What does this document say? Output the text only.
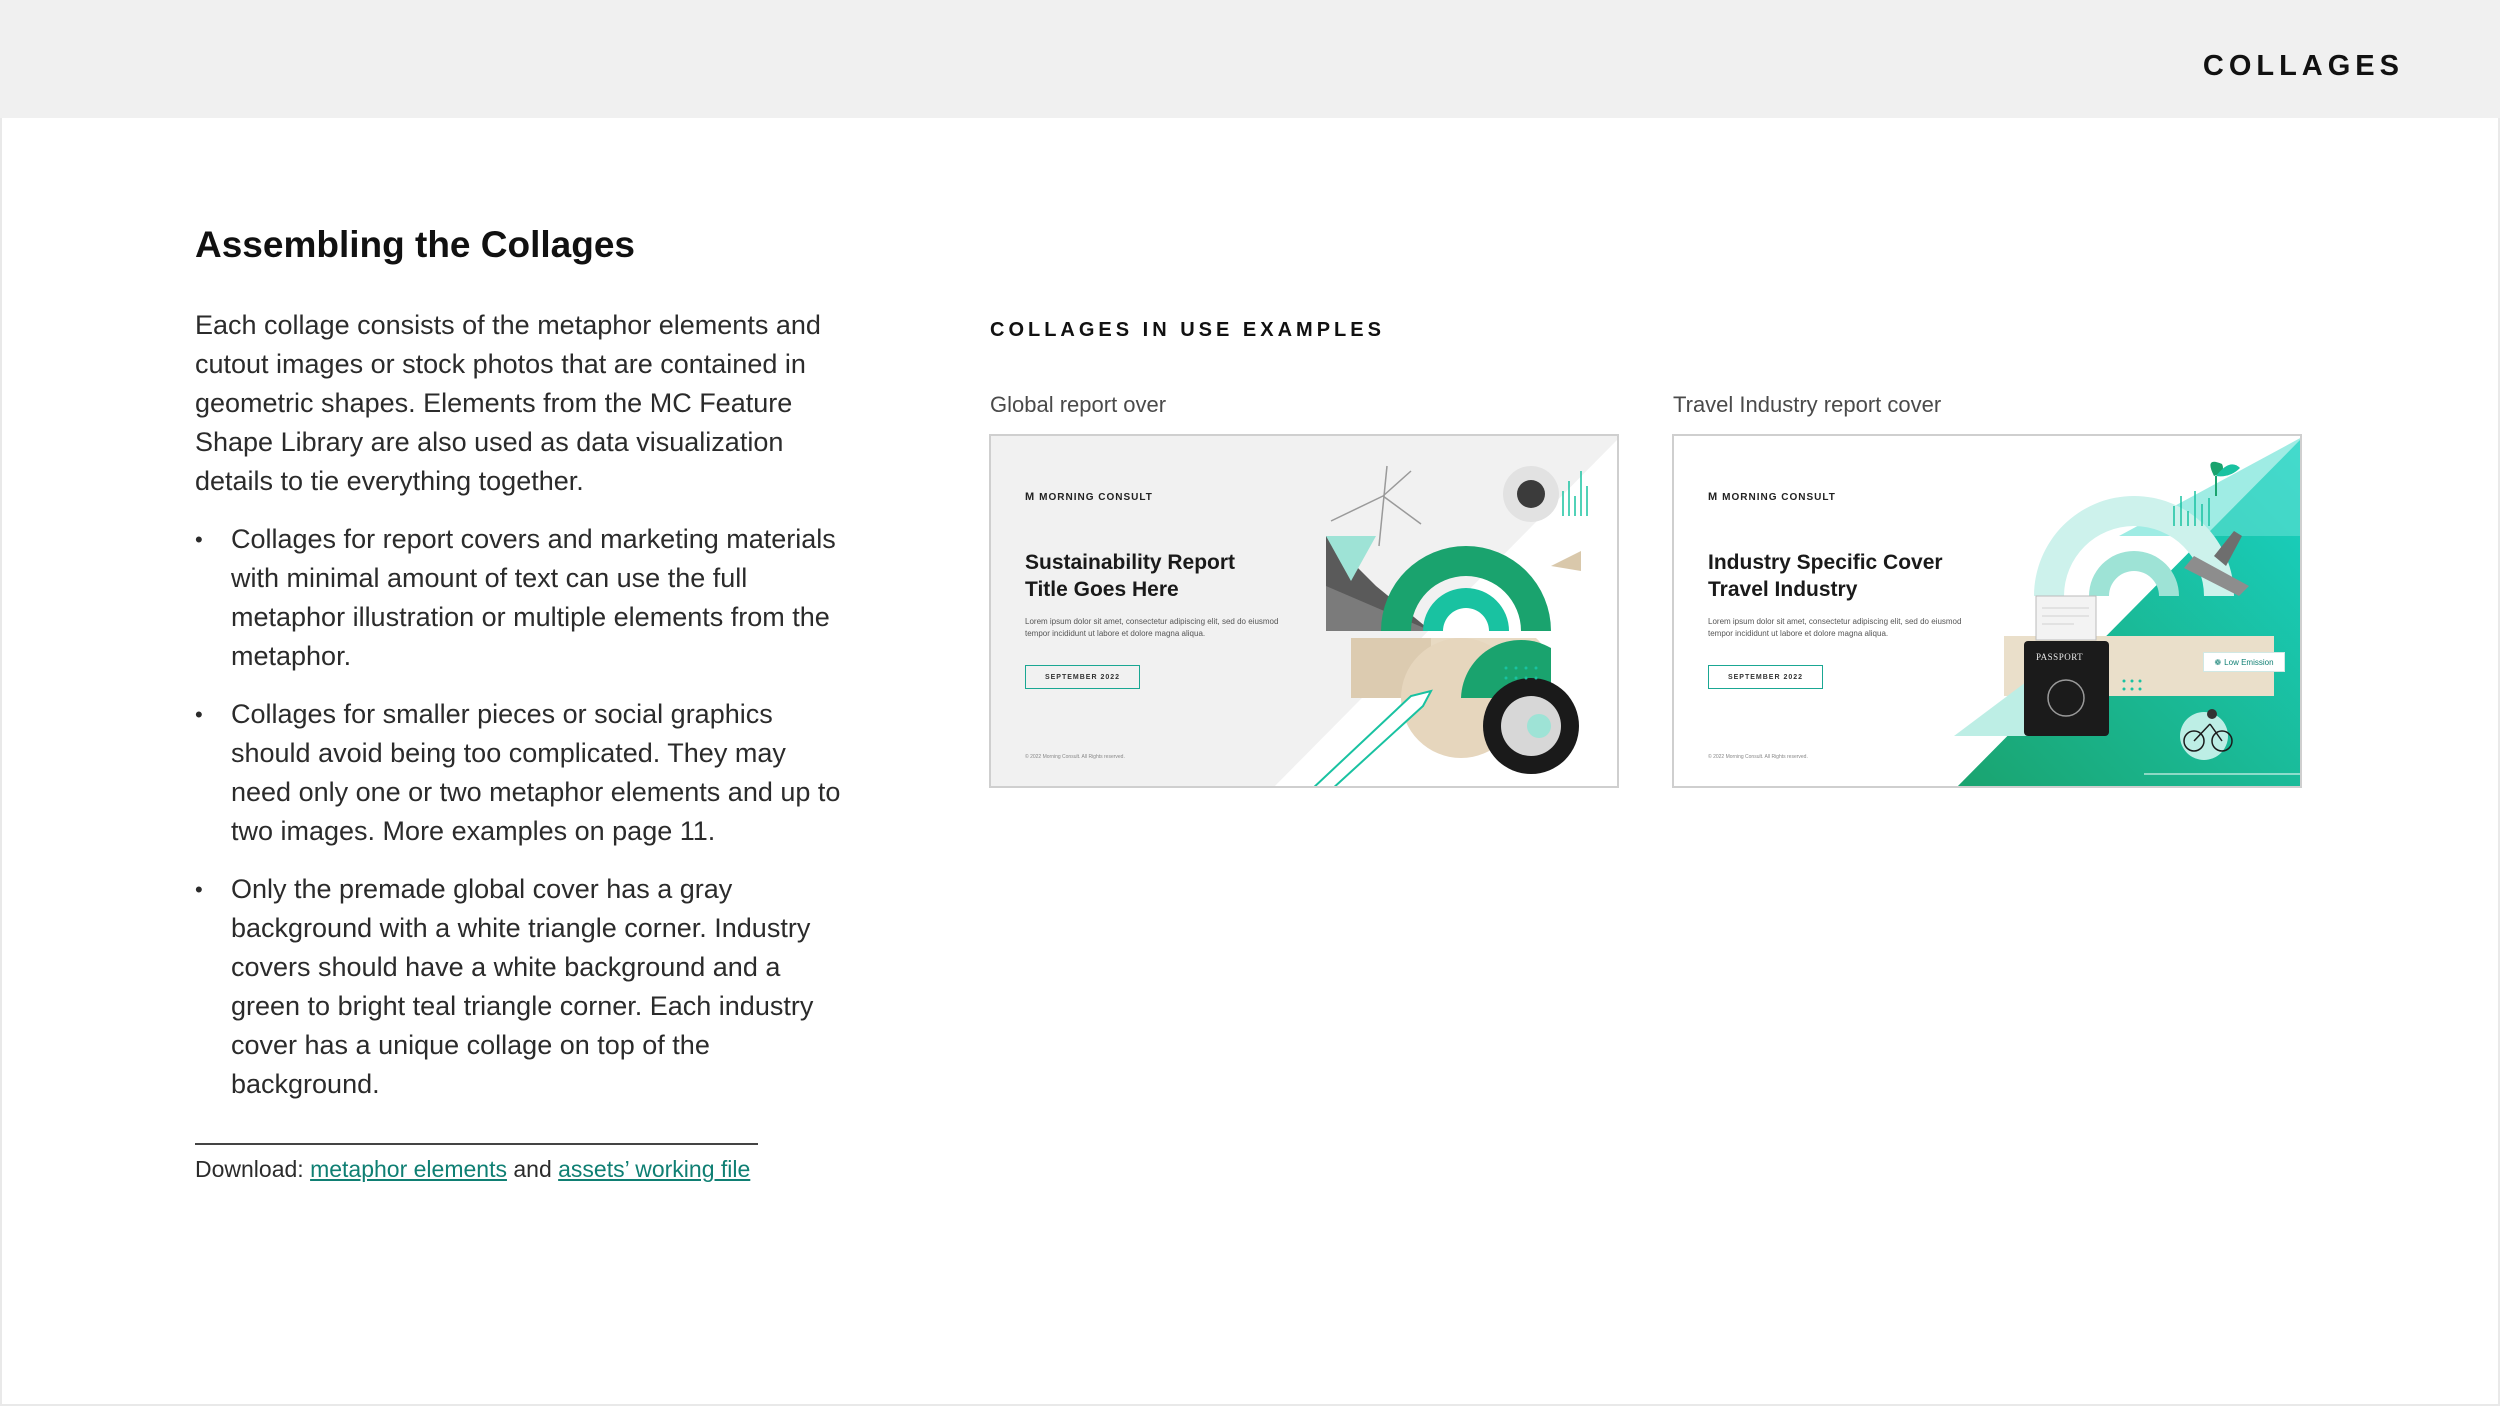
COLLAGES
Assembling the Collages

Each collage consists of the metaphor elements and cutout images or stock photos that are contained in geometric shapes. Elements from the MC Feature Shape Library are also used as data visualization details to tie everything together.

• Collages for report covers and marketing materials with minimal amount of text can use the full metaphor illustration or multiple elements from the metaphor.
• Collages for smaller pieces or social graphics should avoid being too complicated. They may need only one or two metaphor elements and up to two images. More examples on page 11.
• Only the premade global cover has a gray background with a white triangle corner. Industry covers should have a white background and a green to bright teal triangle corner. Each industry cover has a unique collage on top of the background.
Download: metaphor elements and assets’ working file
COLLAGES IN USE EXAMPLES
Global report over
M MORNING CONSULT
Sustainability Report
Title Goes Here
Lorem ipsum dolor sit amet, consectetur adipiscing elit, sed do eiusmod tempor incididunt ut labore et dolore magna aliqua.
SEPTEMBER 2022
© 2022 Morning Consult. All Rights reserved.
Travel Industry report cover
M MORNING CONSULT
Industry Specific Cover
Travel Industry
Lorem ipsum dolor sit amet, consectetur adipiscing elit, sed do eiusmod tempor incididunt ut labore et dolore magna aliqua.
SEPTEMBER 2022
© 2022 Morning Consult. All Rights reserved.
PASSPORT	❁ Low Emission
